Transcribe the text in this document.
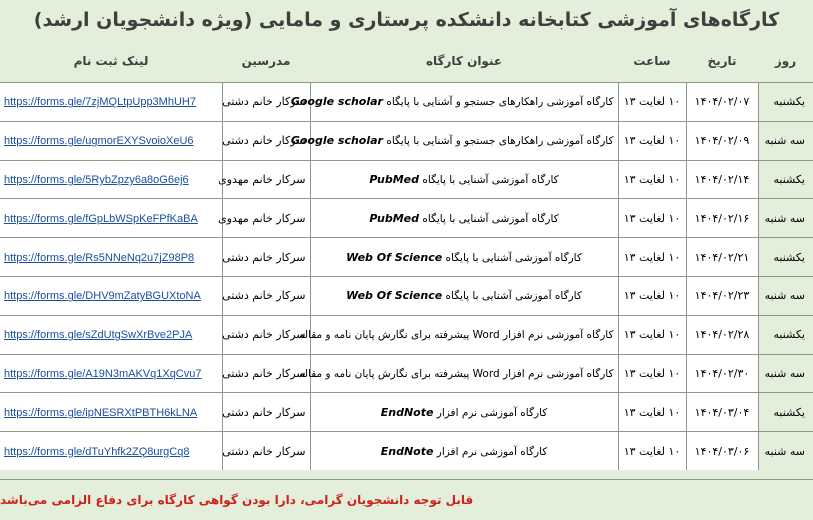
کارگاه‌های آموزشی کتابخانه دانشکده پرستاری و مامایی (ویژه دانشجویان ارشد)
لینک ثبت نام	مدرسین	عنوان کارگاه	ساعت	تاریخ	روز
https://forms.gle/7zjMQLtpUpp3MhUH7	سرکار خانم دشتی	کارگاه آموزشی راهکارهای جستجو و آشنایی با پایگاه Google scholar	۱۰ لغایت ۱۳	۱۴۰۴/۰۲/۰۷	یکشنبه
https://forms.gle/ugmorEXYSvoioXeU6	سرکار خانم دشتی	کارگاه آموزشی راهکارهای جستجو و آشنایی با پایگاه Google scholar	۱۰ لغایت ۱۳	۱۴۰۴/۰۲/۰۹	سه شنبه
https://forms.gle/5RybZpzy6a8oG6ej6	سرکار خانم مهدوی	کارگاه آموزشی آشنایی با پایگاه PubMed	۱۰ لغایت ۱۳	۱۴۰۴/۰۲/۱۴	یکشنبه
https://forms.gle/fGpLbWSpKeFPfKaBA	سرکار خانم مهدوی	کارگاه آموزشی آشنایی با پایگاه PubMed	۱۰ لغایت ۱۳	۱۴۰۴/۰۲/۱۶	سه شنبه
https://forms.gle/Rs5NNeNq2u7jZ98P8	سرکار خانم دشتی	کارگاه آموزشی آشنایی با پایگاه Web Of Science	۱۰ لغایت ۱۳	۱۴۰۴/۰۲/۲۱	یکشنبه
https://forms.gle/DHV9mZatyBGUXtoNA	سرکار خانم دشتی	کارگاه آموزشی آشنایی با پایگاه Web Of Science	۱۰ لغایت ۱۳	۱۴۰۴/۰۲/۲۳	سه شنبه
https://forms.gle/sZdUtgSwXrBve2PJA	سرکار خانم دشتی	کارگاه آموزشی نرم افزار Word پیشرفته برای نگارش پایان نامه و مقاله	۱۰ لغایت ۱۳	۱۴۰۴/۰۲/۲۸	یکشنبه
https://forms.gle/A19N3mAKVq1XqCvu7	سرکار خانم دشتی	کارگاه آموزشی نرم افزار Word پیشرفته برای نگارش پایان نامه و مقاله	۱۰ لغایت ۱۳	۱۴۰۴/۰۲/۳۰	سه شنبه
https://forms.gle/ipNESRXtPBTH6kLNA	سرکار خانم دشتی	کارگاه آموزشی نرم افزار EndNote	۱۰ لغایت ۱۳	۱۴۰۴/۰۳/۰۴	یکشنبه
https://forms.gle/dTuYhfk2ZQ8urgCq8	سرکار خانم دشتی	کارگاه آموزشی نرم افزار EndNote	۱۰ لغایت ۱۳	۱۴۰۴/۰۳/۰۶	سه شنبه
قابل توجه دانشجویان گرامی، دارا بودن گواهی کارگاه برای دفاع الزامی می‌باشد
